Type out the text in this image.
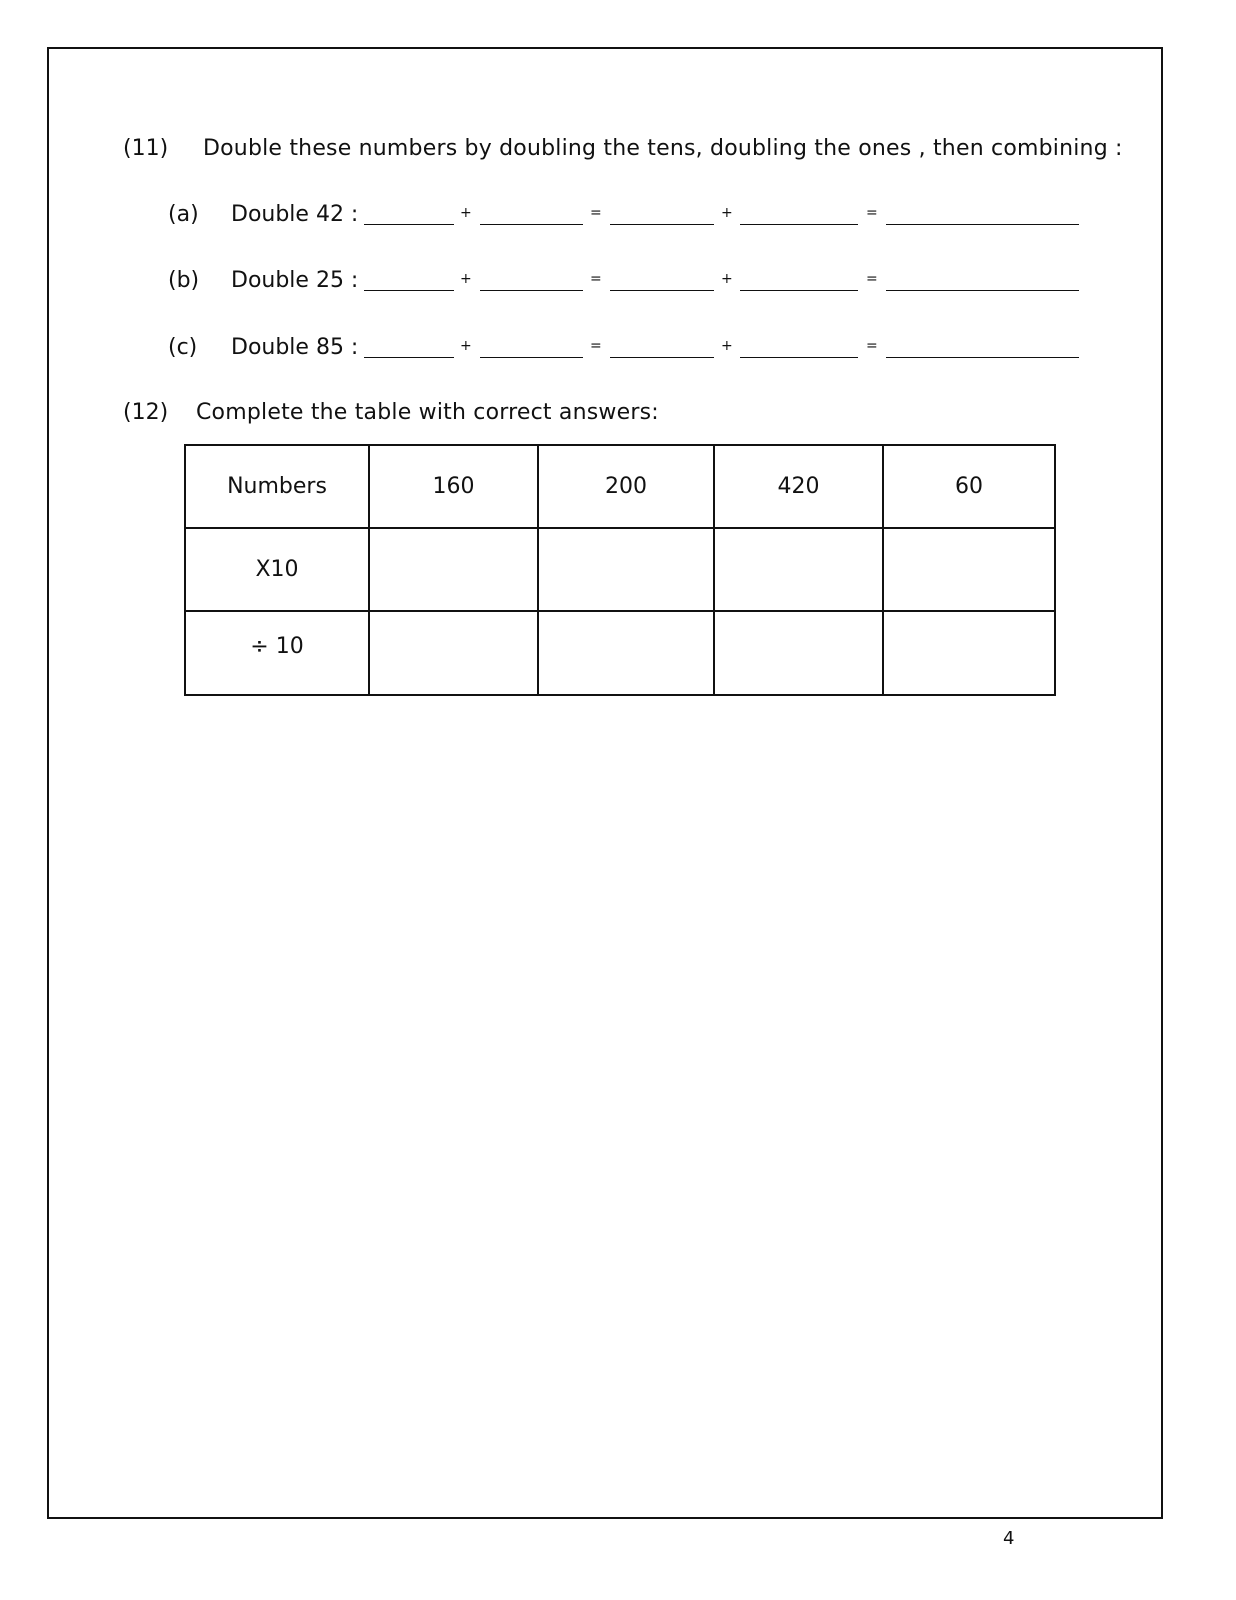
(11) Double these numbers by doubling the tens, doubling the ones , then combining :
(a) Double 42 :	+	=	+	=
(b) Double 25 :	+	=	+	=
(c) Double 85 :	+	=	+	=
(12) Complete the table with correct answers:
Numbers	160	200	420	60
X10				
÷ 10				
4
